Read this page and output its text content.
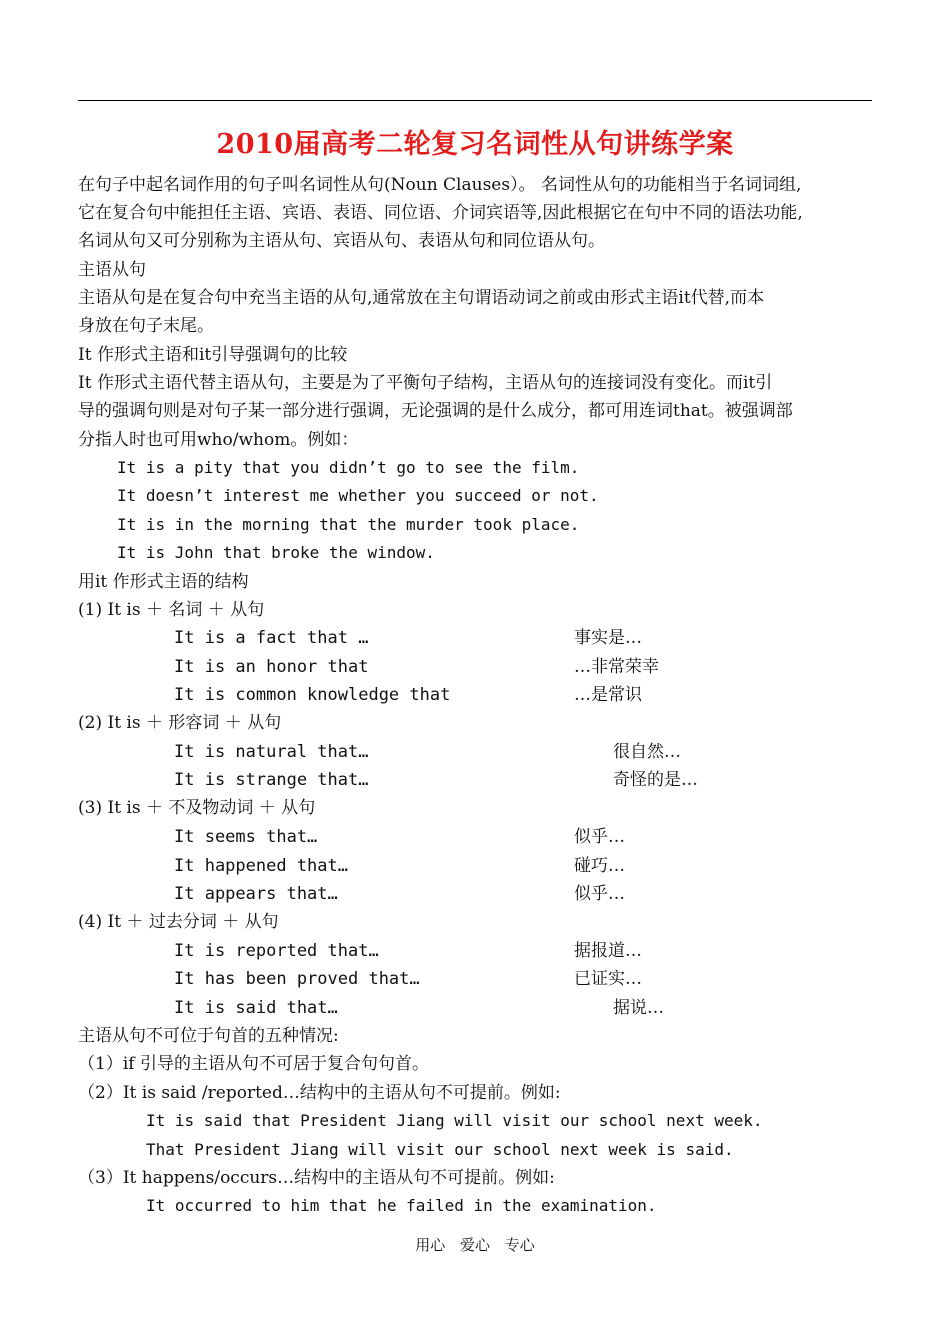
2010届高考二轮复习名词性从句讲练学案
在句子中起名词作用的句子叫名词性从句(Noun Clauses）。 名词性从句的功能相当于名词词组,
它在复合句中能担任主语、宾语、表语、同位语、介词宾语等,因此根据它在句中不同的语法功能,
名词从句又可分别称为主语从句、宾语从句、表语从句和同位语从句。
主语从句
主语从句是在复合句中充当主语的从句,通常放在主句谓语动词之前或由形式主语it代替,而本
身放在句子末尾。
It 作形式主语和it引导强调句的比较
It 作形式主语代替主语从句，主要是为了平衡句子结构，主语从句的连接词没有变化。而it引
导的强调句则是对句子某一部分进行强调，无论强调的是什么成分，都可用连词that。被强调部
分指人时也可用who/whom。例如：
It is a pity that you didn’t go to see the film.
It doesn’t interest me whether you succeed or not.
It is in the morning that the murder took place.
It is John that broke the window.
用it 作形式主语的结构
(1) It is ＋ 名词 ＋ 从句
It is a fact that …	事实是…
It is an honor that	…非常荣幸
It is common knowledge that	…是常识
(2) It is ＋ 形容词 ＋ 从句
It is natural that…	很自然…
It is strange that…	奇怪的是…
(3) It is ＋ 不及物动词 ＋ 从句
It seems that…	似乎…
It happened that…	碰巧…
It appears that…	似乎…
(4) It ＋ 过去分词 ＋ 从句
It is reported that…	据报道…
It has been proved that…	已证实…
It is said that…	据说…
主语从句不可位于句首的五种情况:
（1）if 引导的主语从句不可居于复合句句首。
（2）It is said /reported…结构中的主语从句不可提前。例如:
It is said that President Jiang will visit our school next week.
That President Jiang will visit our school next week is said.
（3）It happens/occurs…结构中的主语从句不可提前。例如:
It occurred to him that he failed in the examination.
用心 爱心 专心
